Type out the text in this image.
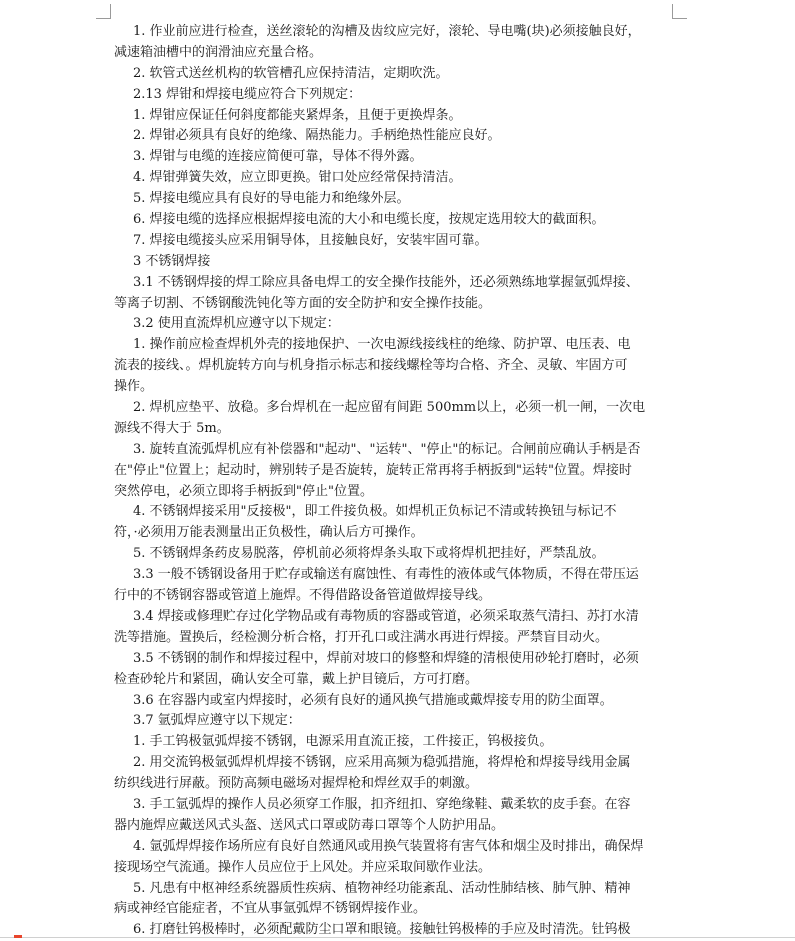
1. 作业前应进行检查，送丝滚轮的沟槽及齿纹应完好，滚轮、导电嘴(块)必须接触良好，
减速箱油槽中的润滑油应充量合格。
2. 软管式送丝机构的软管槽孔应保持清洁，定期吹洗。
2.13 焊钳和焊接电缆应符合下列规定：
1. 焊钳应保证任何斜度都能夹紧焊条，且便于更换焊条。
2. 焊钳必须具有良好的绝缘、隔热能力。手柄绝热性能应良好。
3. 焊钳与电缆的连接应简便可靠，导体不得外露。
4. 焊钳弹簧失效，应立即更换。钳口处应经常保持清洁。
5. 焊接电缆应具有良好的导电能力和绝缘外层。
6. 焊接电缆的选择应根据焊接电流的大小和电缆长度，按规定选用较大的截面积。
7. 焊接电缆接头应采用铜导体，且接触良好，安装牢固可靠。
3 不锈钢焊接
3.1 不锈钢焊接的焊工除应具备电焊工的安全操作技能外，还必须熟练地掌握氩弧焊接、
等离子切割、不锈钢酸洗钝化等方面的安全防护和安全操作技能。
3.2 使用直流焊机应遵守以下规定：
1. 操作前应检查焊机外壳的接地保护、一次电源线接线柱的绝缘、防护罩、电压表、电
流表的接线、。焊机旋转方向与机身指示标志和接线螺栓等均合格、齐全、灵敏、牢固方可
操作。
2. 焊机应垫平、放稳。多台焊机在一起应留有间距 500mm以上，必须一机一闸，一次电
源线不得大于 5m。
3. 旋转直流弧焊机应有补偿器和"起动"、"运转"、"停止"的标记。合闸前应确认手柄是否
在"停止"位置上；起动时，辨别转子是否旋转，旋转正常再将手柄扳到"运转"位置。焊接时
突然停电，必须立即将手柄扳到"停止"位置。
4. 不锈钢焊接采用"反接极"，即工件接负极。如焊机正负标记不清或转换钮与标记不
符，·必须用万能表测量出正负极性，确认后方可操作。
5. 不锈钢焊条药皮易脱落，停机前必须将焊条头取下或将焊机把挂好，严禁乱放。
3.3 一般不锈钢设备用于贮存或输送有腐蚀性、有毒性的液体或气体物质，不得在带压运
行中的不锈钢容器或管道上施焊。不得借路设备管道做焊接导线。
3.4 焊接或修理贮存过化学物品或有毒物质的容器或管道，必须采取蒸气清扫、苏打水清
洗等措施。置换后，经检测分析合格，打开孔口或注满水再进行焊接。严禁盲目动火。
3.5 不锈钢的制作和焊接过程中，焊前对坡口的修整和焊缝的清根使用砂轮打磨时，必须
检查砂轮片和紧固，确认安全可靠，戴上护目镜后，方可打磨。
3.6 在容器内或室内焊接时，必须有良好的通风换气措施或戴焊接专用的防尘面罩。
3.7 氩弧焊应遵守以下规定：
1. 手工钨极氩弧焊接不锈钢，电源采用直流正接，工件接正，钨极接负。
2. 用交流钨极氩弧焊机焊接不锈钢，应采用高频为稳弧措施，将焊枪和焊接导线用金属
纺织线进行屏蔽。预防高频电磁场对握焊枪和焊丝双手的刺激。
3. 手工氩弧焊的操作人员必须穿工作服，扣齐纽扣、穿绝缘鞋、戴柔软的皮手套。在容
器内施焊应戴送风式头盔、送风式口罩或防毒口罩等个人防护用品。
4. 氩弧焊焊接作场所应有良好自然通风或用换气装置将有害气体和烟尘及时排出，确保焊
接现场空气流通。操作人员应位于上风处。并应采取间歇作业法。
5. 凡患有中枢神经系统器质性疾病、植物神经功能紊乱、活动性肺结核、肺气肿、精神
病或神经官能症者，不宜从事氩弧焊不锈钢焊接作业。
6. 打磨钍钨极棒时，必须配戴防尘口罩和眼镜。接触钍钨极棒的手应及时清洗。钍钨极
